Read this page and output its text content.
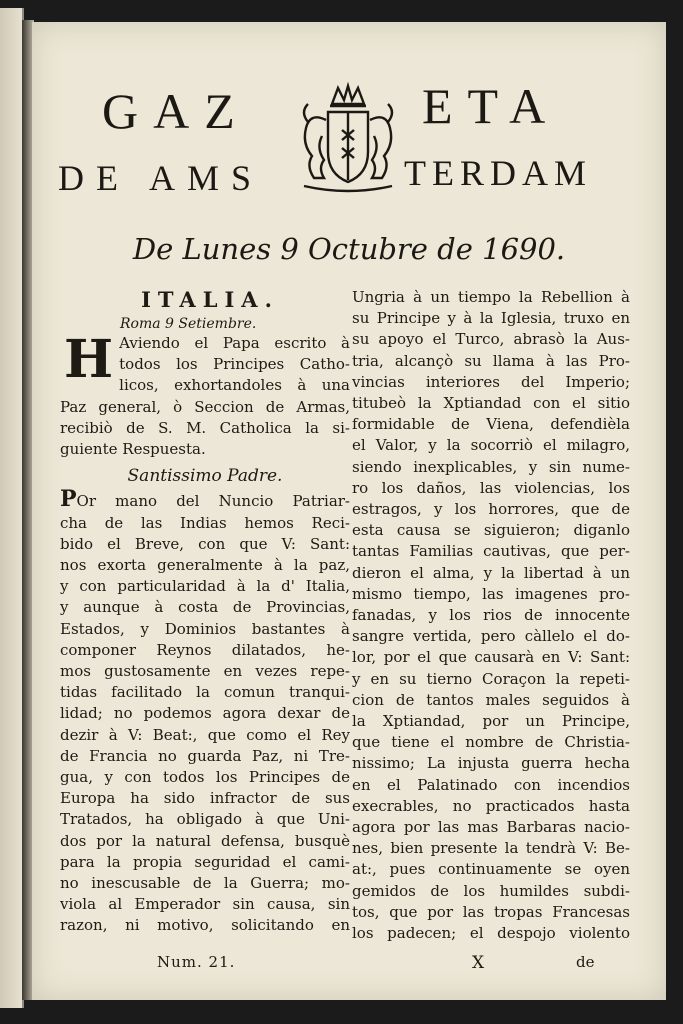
GAZ	ETA
DE AMS	TERDAM
De Lunes 9 Octubre de 1690.
ITALIA.
Roma 9 Setiembre.
H Aviendo el Papa escrito à
todos los Principes Catho-
licos, exhortandoles à una
Paz general, ò Seccion de Armas,
recibiò de S. M. Catholica la si-
guiente Respuesta.
Santissimo Padre.
POr mano del Nuncio Patriar-
cha de las Indias hemos Reci-
bido el Breve, con que V: Sant:
nos exorta generalmente à la paz,
y con particularidad à la d' Italia,
y aunque à costa de Provincias,
Estados, y Dominios bastantes à
componer Reynos dilatados, he-
mos gustosamente en vezes repe-
tidas facilitado la comun tranqui-
lidad; no podemos agora dexar de
dezir à V: Beat:, que como el Rey
de Francia no guarda Paz, ni Tre-
gua, y con todos los Principes de
Europa ha sido infractor de sus
Tratados, ha obligado à que Uni-
dos por la natural defensa, busquè
para la propia seguridad el cami-
no inescusable de la Guerra; mo-
viola al Emperador sin causa, sin
razon, ni motivo, solicitando en
Ungria à un tiempo la Rebellion à
su Principe y à la Iglesia, truxo en
su apoyo el Turco, abrasò la Aus-
tria, alcançò su llama à las Pro-
vincias interiores del Imperio;
titubeò la Xptiandad con el sitio
formidable de Viena, defendièla
el Valor, y la socorriò el milagro,
siendo inexplicables, y sin nume-
ro los daños, las violencias, los
estragos, y los horrores, que de
esta causa se siguieron; diganlo
tantas Familias cautivas, que per-
dieron el alma, y la libertad à un
mismo tiempo, las imagenes pro-
fanadas, y los rios de innocente
sangre vertida, pero càllelo el do-
lor, por el que causarà en V: Sant:
y en su tierno Coraçon la repeti-
cion de tantos males seguidos à
la Xptiandad, por un Principe,
que tiene el nombre de Christia-
nissimo; La injusta guerra hecha
en el Palatinado con incendios
execrables, no practicados hasta
agora por las mas Barbaras nacio-
nes, bien presente la tendrà V: Be-
at:, pues continuamente se oyen
gemidos de los humildes subdi-
tos, que por las tropas Francesas
los padecen; el despojo violento
Num. 21.	X	de
